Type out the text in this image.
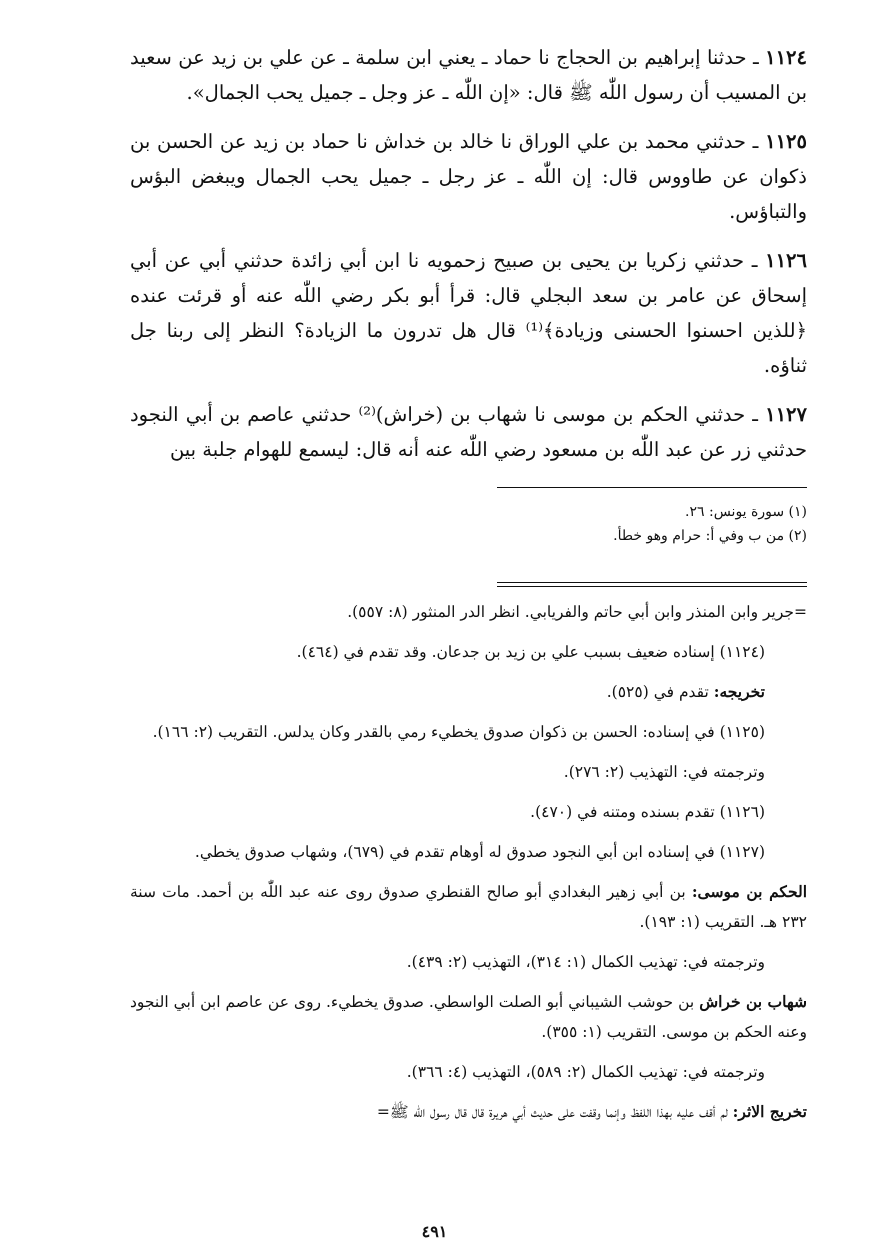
١١٢٤ ـ حدثنا إبراهيم بن الحجاج نا حماد ـ يعني ابن سلمة ـ عن علي بن زيد عن سعيد بن المسيب أن رسول اللّٰه ﷺ قال: «إن اللّٰه ـ عز وجل ـ جميل يحب الجمال».

١١٢٥ ـ حدثني محمد بن علي الوراق نا خالد بن خداش نا حماد بن زيد عن الحسن بن ذكوان عن طاووس قال: إن اللّٰه ـ عز رجل ـ جميل يحب الجمال ويبغض البؤس والتباؤس.

١١٢٦ ـ حدثني زكريا بن يحيى بن صبيح زحمويه نا ابن أبي زائدة حدثني أبي عن أبي إسحاق عن عامر بن سعد البجلي قال: قرأ أبو بكر رضي اللّٰه عنه أو قرئت عنده ﴿للذين احسنوا الحسنى وزيادة﴾⁽¹⁾ قال هل تدرون ما الزيادة؟ النظر إلى ربنا جل ثناؤه.

١١٢٧ ـ حدثني الحكم بن موسى نا شهاب بن (خراش)⁽²⁾ حدثني عاصم بن أبي النجود حدثني زر عن عبد اللّٰه بن مسعود رضي اللّٰه عنه أنه قال: ليسمع للهوام جلبة بين

(١) سورة يونس: ٢٦.

(٢) من ب وفي أ: حرام وهو خطأ.

=جرير وابن المنذر وابن أبي حاتم والفريابي. انظر الدر المنثور (٨: ٥٥٧).

(١١٢٤) إسناده ضعيف بسبب علي بن زيد بن جدعان. وقد تقدم في (٤٦٤).

تخريجه: تقدم في (٥٢٥).

(١١٢٥) في إسناده: الحسن بن ذكوان صدوق يخطيء رمي بالقدر وكان يدلس. التقريب (٢: ١٦٦).

وترجمته في: التهذيب (٢: ٢٧٦).

(١١٢٦) تقدم بسنده ومتنه في (٤٧٠).

(١١٢٧) في إسناده ابن أبي النجود صدوق له أوهام تقدم في (٦٧٩)، وشهاب صدوق يخطي.

الحكم بن موسى: بن أبي زهير البغدادي أبو صالح القنطري صدوق روى عنه عبد اللّٰه بن أحمد. مات سنة ٢٣٢ هـ. التقريب (١: ١٩٣).

وترجمته في: تهذيب الكمال (١: ٣١٤)، التهذيب (٢: ٤٣٩).

شهاب بن خراش بن حوشب الشيباني أبو الصلت الواسطي. صدوق يخطيء. روى عن عاصم ابن أبي النجود وعنه الحكم بن موسى. التقريب (١: ٣٥٥).

وترجمته في: تهذيب الكمال (٢: ٥٨٩)، التهذيب (٤: ٣٦٦).

تخريج الاثر: لم أقف عليه بهذا اللفظ وإنما وقفت على حديث أبي هريرة قال قال رسول اللّٰه ﷺ=

٤٩١
